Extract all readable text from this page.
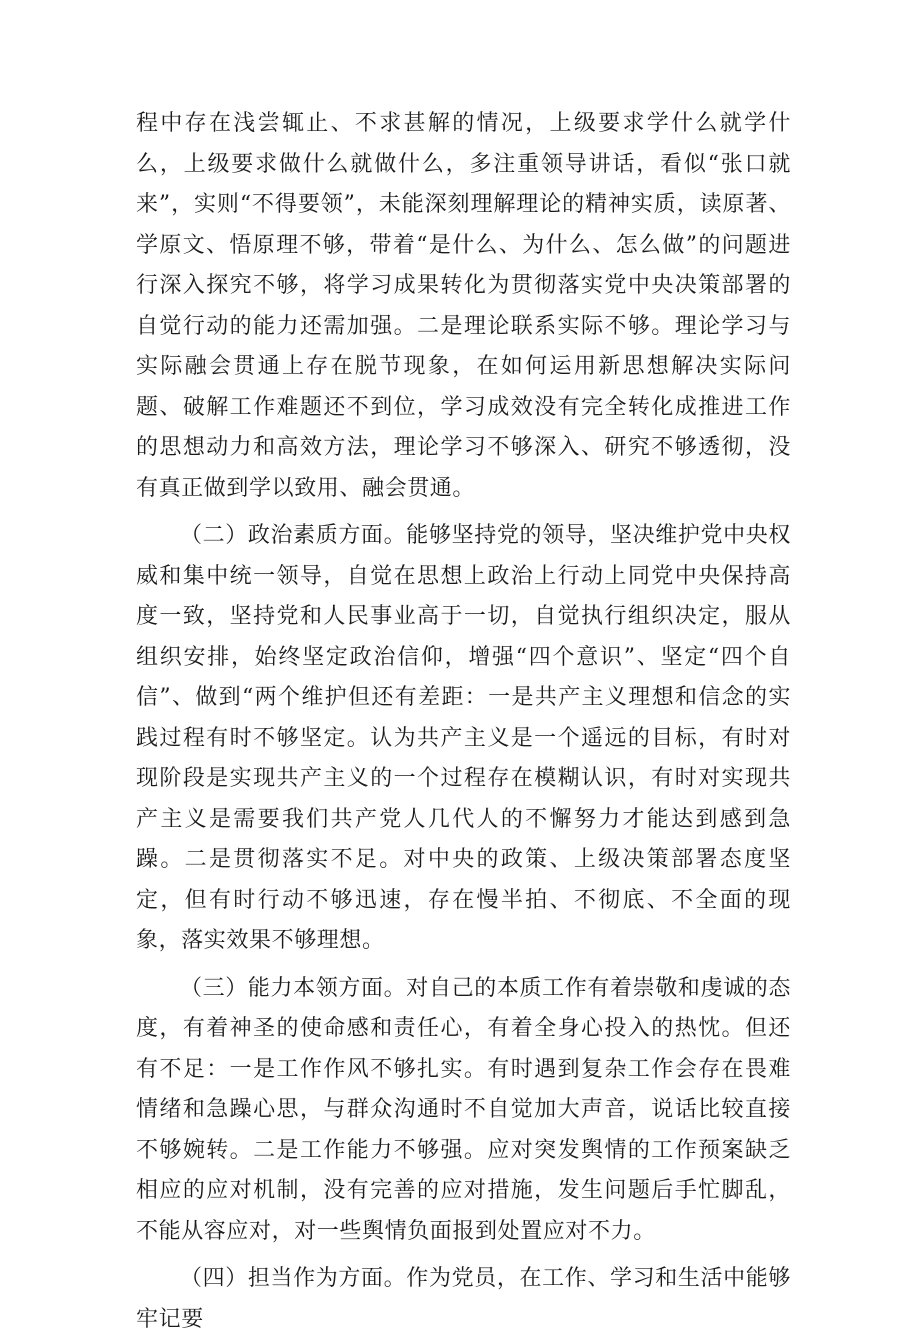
程中存在浅尝辄止、不求甚解的情况，上级要求学什么就学什么，上级要求做什么就做什么，多注重领导讲话，看似“张口就来”，实则“不得要领”，未能深刻理解理论的精神实质，读原著、学原文、悟原理不够，带着“是什么、为什么、怎么做”的问题进行深入探究不够，将学习成果转化为贯彻落实党中央决策部署的自觉行动的能力还需加强。二是理论联系实际不够。理论学习与实际融会贯通上存在脱节现象，在如何运用新思想解决实际问题、破解工作难题还不到位，学习成效没有完全转化成推进工作的思想动力和高效方法，理论学习不够深入、研究不够透彻，没有真正做到学以致用、融会贯通。

（二）政治素质方面。能够坚持党的领导，坚决维护党中央权威和集中统一领导，自觉在思想上政治上行动上同党中央保持高度一致，坚持党和人民事业高于一切，自觉执行组织决定，服从组织安排，始终坚定政治信仰，增强“四个意识”、坚定“四个自信”、做到“两个维护但还有差距：一是共产主义理想和信念的实践过程有时不够坚定。认为共产主义是一个遥远的目标，有时对现阶段是实现共产主义的一个过程存在模糊认识，有时对实现共产主义是需要我们共产党人几代人的不懈努力才能达到感到急躁。二是贯彻落实不足。对中央的政策、上级决策部署态度坚定，但有时行动不够迅速，存在慢半拍、不彻底、不全面的现象，落实效果不够理想。

（三）能力本领方面。对自己的本质工作有着崇敬和虔诚的态度，有着神圣的使命感和责任心，有着全身心投入的热忱。但还有不足：一是工作作风不够扎实。有时遇到复杂工作会存在畏难情绪和急躁心思，与群众沟通时不自觉加大声音，说话比较直接不够婉转。二是工作能力不够强。应对突发舆情的工作预案缺乏相应的应对机制，没有完善的应对措施，发生问题后手忙脚乱，不能从容应对，对一些舆情负面报到处置应对不力。

（四）担当作为方面。作为党员，在工作、学习和生活中能够牢记要
